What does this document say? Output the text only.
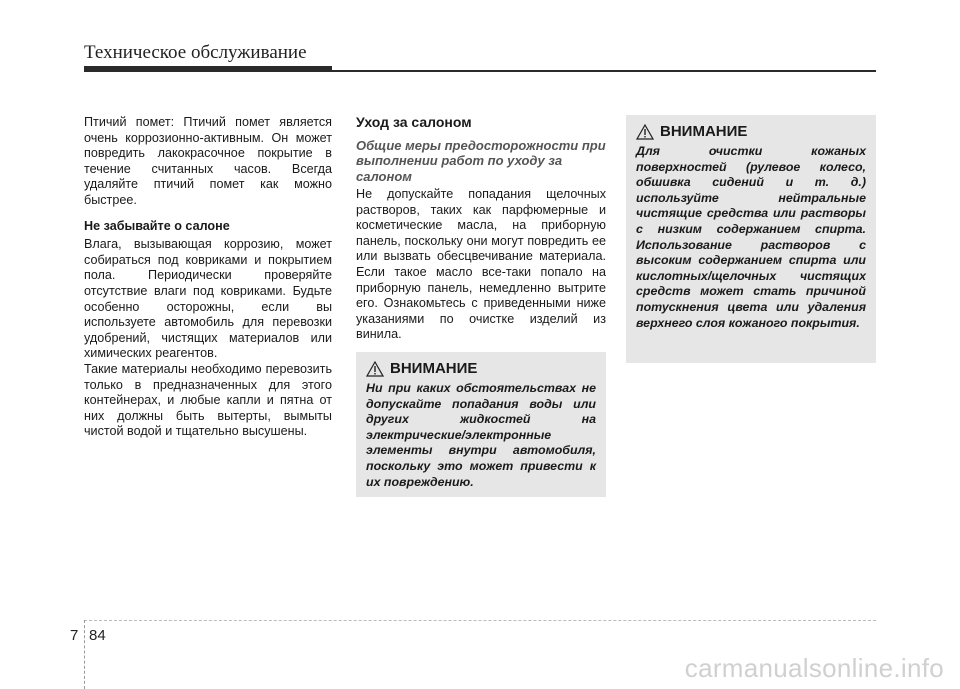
Техническое обслуживание

Птичий помет: Птичий помет является очень коррозионно-активным. Он может повредить лакокрасочное покрытие в течение считанных часов. Всегда удаляйте птичий помет как можно быстрее.

Не забывайте о салоне

Влага, вызывающая коррозию, может собираться под ковриками и покрытием пола. Периодически проверяйте отсутствие влаги под ковриками. Будьте особенно осторожны, если вы используете автомобиль для перевозки удобрений, чистящих материалов или химических реагентов.

Такие материалы необходимо перевозить только в предназначенных для этого контейнерах, и любые капли и пятна от них должны быть вытерты, вымыты чистой водой и тщательно высушены.

Уход за салоном
Общие меры предосторожности при выполнении работ по уходу за салоном

Не допускайте попадания щелочных растворов, таких как парфюмерные и косметические масла, на приборную панель, поскольку они могут повредить ее или вызвать обесцвечивание материала. Если такое масло все-таки попало на приборную панель, немедленно вытрите его. Ознакомьтесь с приведенными ниже указаниями по очистке изделий из винила.

ВНИМАНИЕ

Ни при каких обстоятельствах не допускайте попадания воды или других жидкостей на электрические/электронные элементы внутри автомобиля, поскольку это может привести к их повреждению.

ВНИМАНИЕ

Для очистки кожаных поверхностей (рулевое колесо, обшивка сидений и т. д.) используйте нейтральные чистящие средства или растворы с низким содержанием спирта. Использование растворов с высоким содержанием спирта или кислотных/щелочных чистящих средств может стать причиной потускнения цвета или удаления верхнего слоя кожаного покрытия.

7 84
carmanualsonline.info
